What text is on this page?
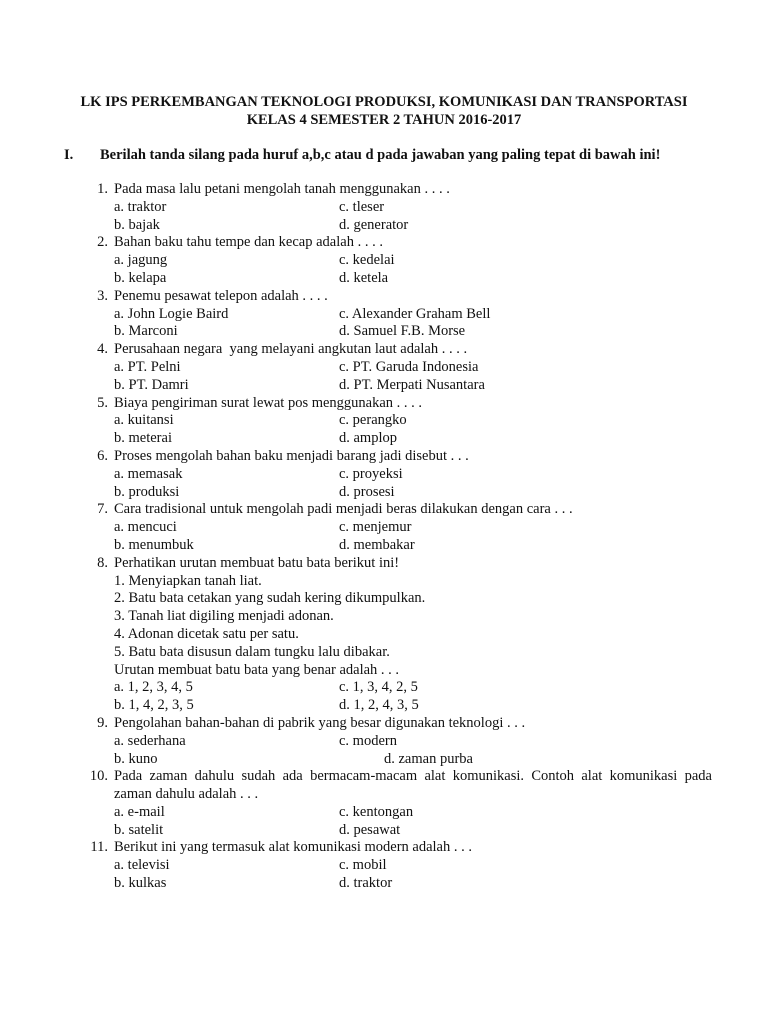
LK IPS PERKEMBANGAN TEKNOLOGI PRODUKSI, KOMUNIKASI DAN TRANSPORTASI
KELAS 4 SEMESTER 2 TAHUN 2016-2017
I. Berilah tanda silang pada huruf a,b,c atau d pada jawaban yang paling tepat di bawah ini!
1. Pada masa lalu petani mengolah tanah menggunakan . . . .
a. traktor	c. tleser
b. bajak	d. generator
2. Bahan baku tahu tempe dan kecap adalah . . . .
a. jagung	c. kedelai
b. kelapa	d. ketela
3. Penemu pesawat telepon adalah . . . .
a. John Logie Baird	c. Alexander Graham Bell
b. Marconi	d. Samuel F.B. Morse
4. Perusahaan negara  yang melayani angkutan laut adalah . . . .
a. PT. Pelni	c. PT. Garuda Indonesia
b. PT. Damri	d. PT. Merpati Nusantara
5. Biaya pengiriman surat lewat pos menggunakan . . . .
a. kuitansi	c. perangko
b. meterai	d. amplop
6. Proses mengolah bahan baku menjadi barang jadi disebut . . .
a. memasak	c. proyeksi
b. produksi	d. prosesi
7. Cara tradisional untuk mengolah padi menjadi beras dilakukan dengan cara . . .
a. mencuci	c. menjemur
b. menumbuk	d. membakar
8. Perhatikan urutan membuat batu bata berikut ini!
1. Menyiapkan tanah liat.
2. Batu bata cetakan yang sudah kering dikumpulkan.
3. Tanah liat digiling menjadi adonan.
4. Adonan dicetak satu per satu.
5. Batu bata disusun dalam tungku lalu dibakar.
Urutan membuat batu bata yang benar adalah . . .
a. 1, 2, 3, 4, 5	c. 1, 3, 4, 2, 5
b. 1, 4, 2, 3, 5	d. 1, 2, 4, 3, 5
9. Pengolahan bahan-bahan di pabrik yang besar digunakan teknologi . . .
a. sederhana	c. modern
b. kuno	d. zaman purba
10. Pada zaman dahulu sudah ada bermacam-macam alat komunikasi. Contoh alat komunikasi pada
zaman dahulu adalah . . .
a. e-mail	c. kentongan
b. satelit	d. pesawat
11. Berikut ini yang termasuk alat komunikasi modern adalah . . .
a. televisi	c. mobil
b. kulkas	d. traktor
